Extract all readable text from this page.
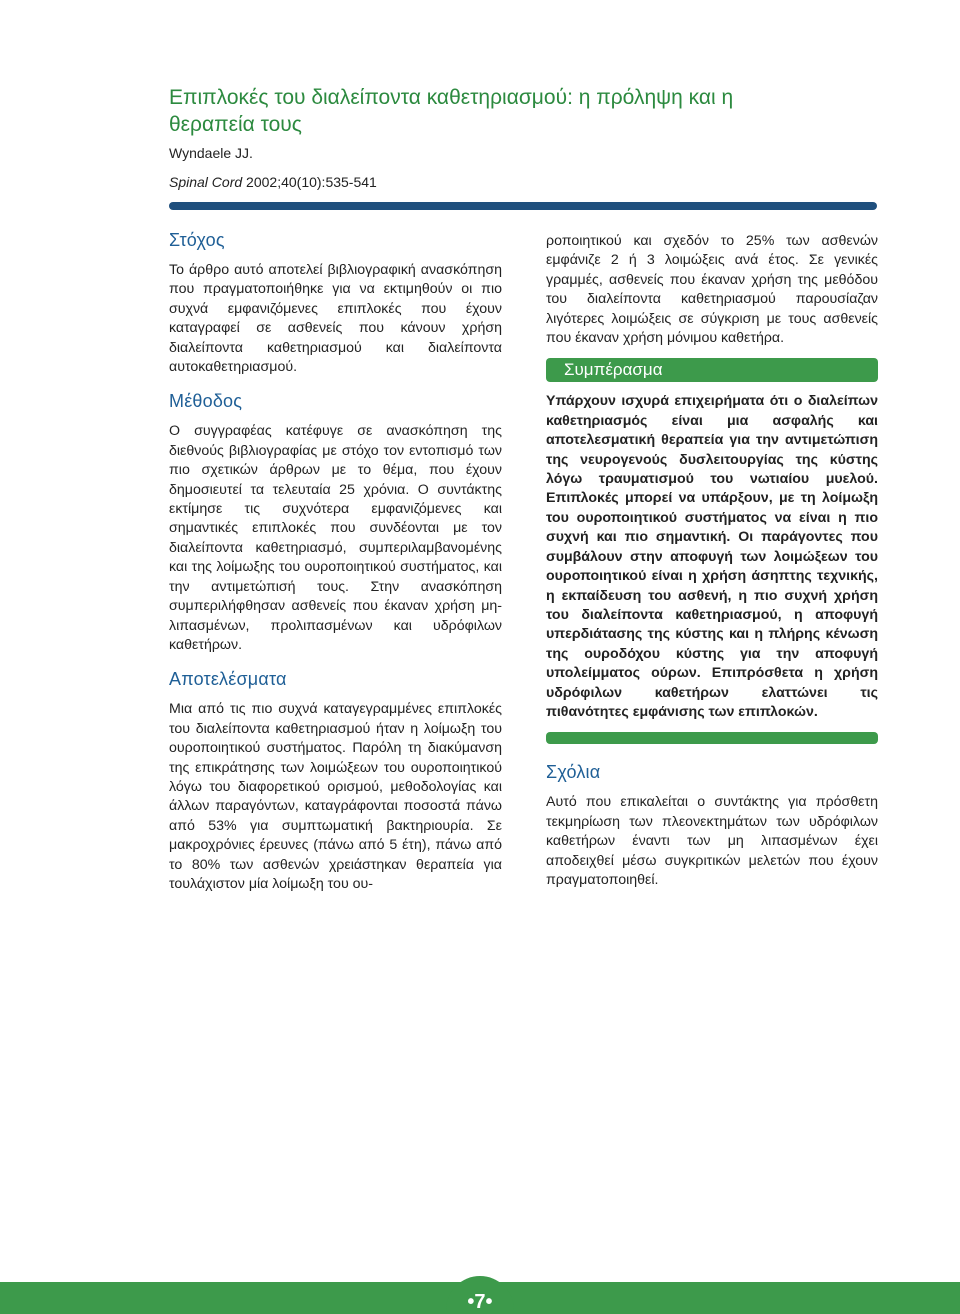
Επιπλοκές του διαλείποντα καθετηριασμού: η πρόληψη και η θεραπεία τους
Wyndaele JJ.
Spinal Cord 2002;40(10):535-541
Στόχος

Το άρθρο αυτό αποτελεί βιβλιογραφική ανασκόπηση που πραγματοποιήθηκε για να εκτιμηθούν οι πιο συχνά εμφανιζόμενες επιπλοκές που έχουν καταγραφεί σε ασθενείς που κάνουν χρήση διαλείποντα καθετηριασμού και διαλείποντα αυτοκαθετηριασμού.

Μέθοδος

Ο συγγραφέας κατέφυγε σε ανασκόπηση της διεθνούς βιβλιογραφίας με στόχο τον εντοπισμό των πιο σχετικών άρθρων με το θέμα, που έχουν δημοσιευτεί τα τελευταία 25 χρόνια. Ο συντάκτης εκτίμησε τις συχνότερα εμφανιζόμενες και σημαντικές επιπλοκές που συνδέονται με τον διαλείποντα καθετηριασμό, συμπεριλαμβανομένης και της λοίμωξης του ουροποιητικού συστήματος, και την αντιμετώπισή τους. Στην ανασκόπηση συμπεριλήφθησαν ασθενείς που έκαναν χρήση μη-λιπασμένων, προλιπασμένων και υδρόφιλων καθετήρων.

Αποτελέσματα

Μια από τις πιο συχνά καταγεγραμμένες επιπλοκές του διαλείποντα καθετηριασμού ήταν η λοίμωξη του ουροποιητικού συστήματος. Παρόλη τη διακύμανση της επικράτησης των λοιμώξεων του ουροποιητικού λόγω του διαφορετικού ορισμού, μεθοδολογίας και άλλων παραγόντων, καταγράφονται ποσοστά πάνω από 53% για συμπτωματική βακτηριουρία. Σε μακροχρόνιες έρευνες (πάνω από 5 έτη), πάνω από το 80% των ασθενών χρειάστηκαν θεραπεία για τουλάχιστον μία λοίμωξη του ου-

ροποιητικού και σχεδόν το 25% των ασθενών εμφάνιζε 2 ή 3 λοιμώξεις ανά έτος. Σε γενικές γραμμές, ασθενείς που έκαναν χρήση της μεθόδου του διαλείποντα καθετηριασμού παρουσίαζαν λιγότερες λοιμώξεις σε σύγκριση με τους ασθενείς που έκαναν χρήση μόνιμου καθετήρα.

Συμπέρασμα

Υπάρχουν ισχυρά επιχειρήματα ότι ο διαλείπων καθετηριασμός είναι μια ασφαλής και αποτελεσματική θεραπεία για την αντιμετώπιση της νευρογενούς δυσλειτουργίας της κύστης λόγω τραυματισμού του νωτιαίου μυελού. Επιπλοκές μπορεί να υπάρξουν, με τη λοίμωξη του ουροποιητικού συστήματος να είναι η πιο συχνή και πιο σημαντική. Οι παράγοντες που συμβάλουν στην αποφυγή των λοιμώξεων του ουροποιητικού είναι η χρήση άσηπτης τεχνικής, η εκπαίδευση του ασθενή, η πιο συχνή χρήση του διαλείποντα καθετηριασμού, η αποφυγή υπερδιάτασης της κύστης και η πλήρης κένωση της ουροδόχου κύστης για την αποφυγή υπολείμματος ούρων. Επιπρόσθετα η χρήση υδρόφιλων καθετήρων ελαττώνει τις πιθανότητες εμφάνισης των επιπλοκών.

Σχόλια

Αυτό που επικαλείται ο συντάκτης για πρόσθετη τεκμηρίωση των πλεονεκτημάτων των υδρόφιλων καθετήρων έναντι των μη λιπασμένων έχει αποδειχθεί μέσω συγκριτικών μελετών που έχουν πραγματοποιηθεί.

•7•
